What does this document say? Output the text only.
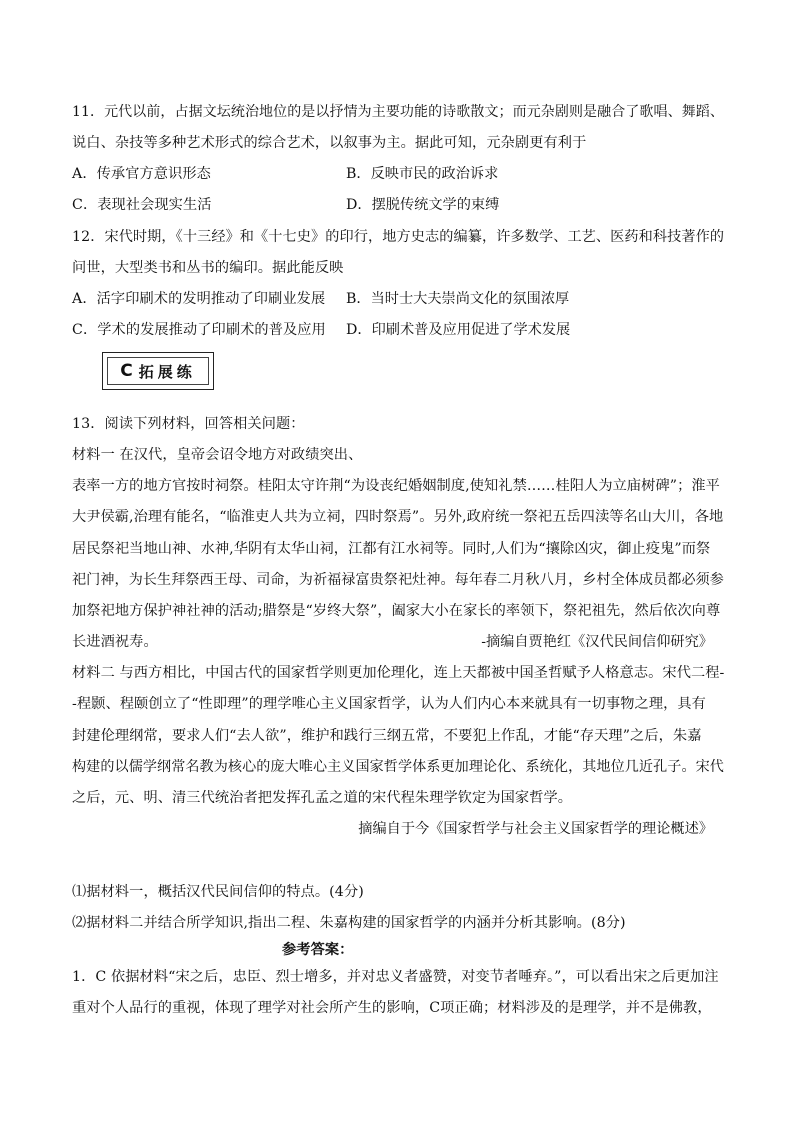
11．元代以前，占据文坛统治地位的是以抒情为主要功能的诗歌散文；而元杂剧则是融合了歌唱、舞蹈、
说白、杂技等多种艺术形式的综合艺术，以叙事为主。据此可知，元杂剧更有利于
A．传承官方意识形态	B．反映市民的政治诉求
C．表现社会现实生活	D．摆脱传统文学的束缚
12．宋代时期，《十三经》和《十七史》的印行，地方史志的编纂，许多数学、工艺、医药和科技著作的
问世，大型类书和丛书的编印。据此能反映
A．活字印刷术的发明推动了印刷业发展 B．当时士大夫崇尚文化的氛围浓厚
C．学术的发展推动了印刷术的普及应用 D．印刷术普及应用促进了学术发展
C 拓展练
13．阅读下列材料，回答相关问题：
材料一 在汉代，皇帝会诏令地方对政绩突出、
表率一方的地方官按时祠祭。桂阳太守许荆“为设丧纪婚姻制度,使知礼禁……桂阳人为立庙树碑”；淮平
大尹侯霸,治理有能名，“临淮吏人共为立祠，四时祭焉”。另外,政府统一祭祀五岳四渎等名山大川，各地
居民祭祀当地山神、水神,华阴有太华山祠，江都有江水祠等。同时,人们为“攘除凶灾，御止疫鬼”而祭
祀门神，为长生拜祭西王母、司命，为祈福禄富贵祭祀灶神。每年春二月秋八月，乡村全体成员都必须参
加祭祀地方保护神社神的活动;腊祭是“岁终大祭”，阖家大小在家长的率领下，祭祀祖先，然后依次向尊
长进酒祝寿。	-摘编自贾艳红《汉代民间信仰研究》
材料二 与西方相比，中国古代的国家哲学则更加伦理化，连上天都被中国圣哲赋予人格意志。宋代二程-
-程颢、程颐创立了“性即理”的理学唯心主义国家哲学，认为人们内心本来就具有一切事物之理，具有
封建伦理纲常，要求人们“去人欲”，维护和践行三纲五常，不要犯上作乱，才能“存天理”之后，朱嘉
构建的以儒学纲常名教为核心的庞大唯心主义国家哲学体系更加理论化、系统化，其地位几近孔子。宋代
之后，元、明、清三代统治者把发挥孔孟之道的宋代程朱理学钦定为国家哲学。
摘编自于今《国家哲学与社会主义国家哲学的理论概述》
⑴据材料一，概括汉代民间信仰的特点。(4分)
⑵据材料二并结合所学知识,指出二程、朱嘉构建的国家哲学的内涵并分析其影响。(8分)
参考答案：
1．C 依据材料“宋之后，忠臣、烈士增多，并对忠义者盛赞，对变节者唾弃。”，可以看出宋之后更加注
重对个人品行的重视，体现了理学对社会所产生的影响，C项正确；材料涉及的是理学，并不是佛教，
